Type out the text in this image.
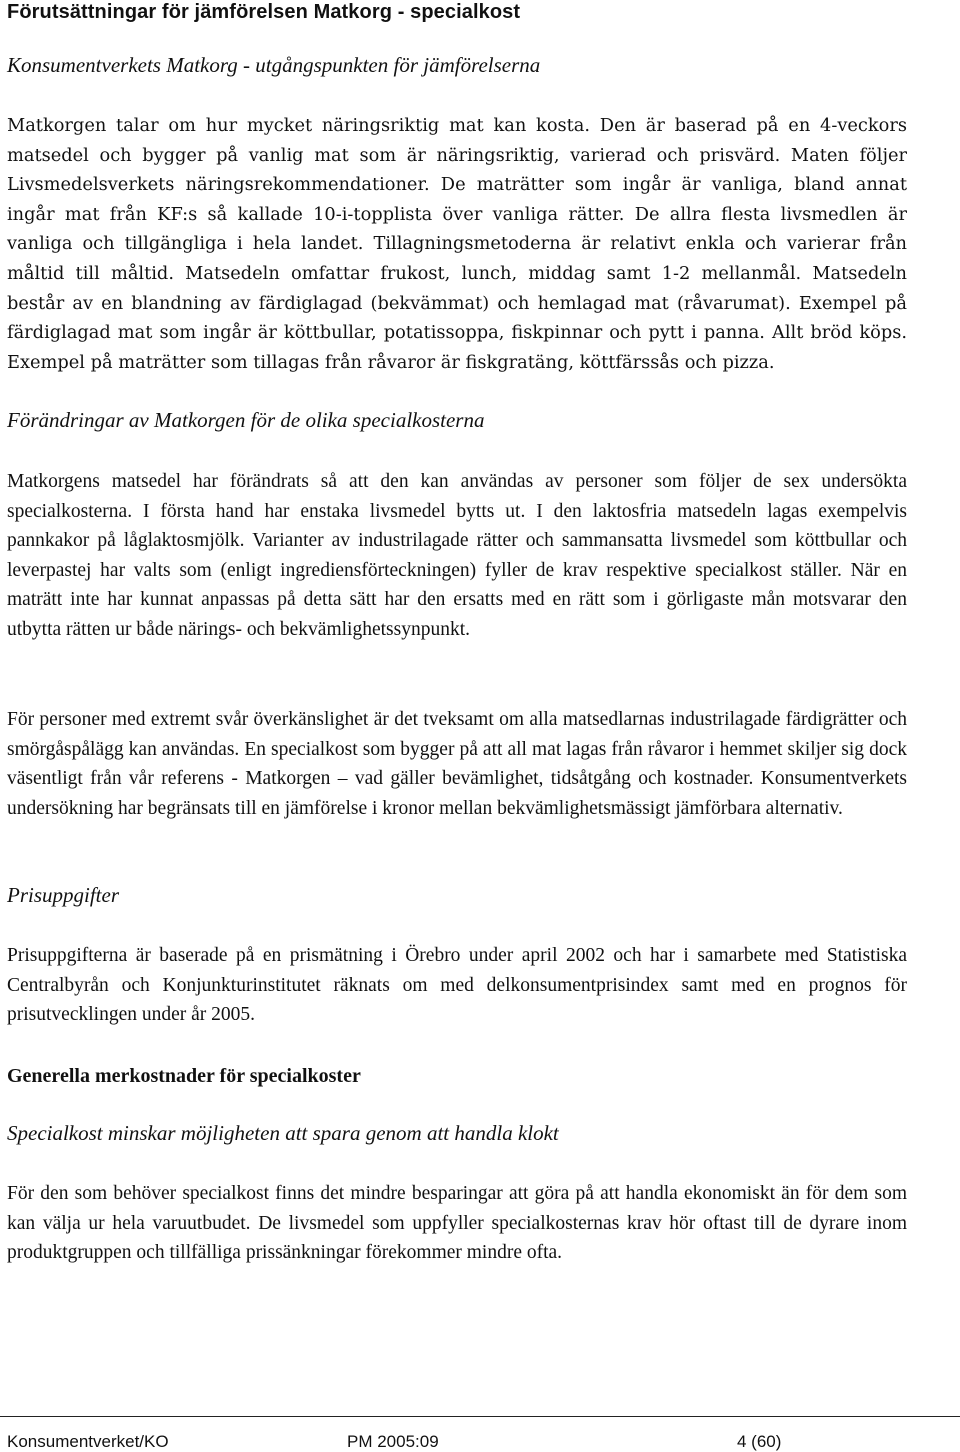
Förutsättningar för jämförelsen Matkorg - specialkost
Konsumentverkets Matkorg - utgångspunkten för jämförelserna

Matkorgen talar om hur mycket näringsriktig mat kan kosta. Den är baserad på en 4-veckors matsedel och bygger på vanlig mat som är näringsriktig, varierad och prisvärd. Maten följer Livsmedelsverkets näringsrekommendationer. De maträtter som ingår är vanliga, bland annat ingår mat från KF:s så kallade 10-i-topplista över vanliga rätter. De allra flesta livsmedlen är vanliga och tillgängliga i hela landet. Tillagningsmetoderna är relativt enkla och varierar från måltid till måltid. Matsedeln omfattar frukost, lunch, middag samt 1-2 mellanmål. Matsedeln består av en blandning av färdiglagad (bekvämmat) och hemlagad mat (råvarumat). Exempel på färdiglagad mat som ingår är köttbullar, potatissoppa, fiskpinnar och pytt i panna. Allt bröd köps. Exempel på maträtter som tillagas från råvaror är fiskgratäng, köttfärssås och pizza.

Förändringar av Matkorgen för de olika specialkosterna

Matkorgens matsedel har förändrats så att den kan användas av personer som följer de sex undersökta specialkosterna. I första hand har enstaka livsmedel bytts ut. I den laktosfria matsedeln lagas exempelvis pannkakor på låglaktosmjölk. Varianter av industrilagade rätter och sammansatta livsmedel som köttbullar och leverpastej har valts som (enligt ingrediensförteckningen) fyller de krav respektive specialkost ställer. När en maträtt inte har kunnat anpassas på detta sätt har den ersatts med en rätt som i görligaste mån motsvarar den utbytta rätten ur både närings- och bekvämlighetssynpunkt.

För personer med extremt svår överkänslighet är det tveksamt om alla matsedlarnas industrilagade färdigrätter och smörgåspålägg kan användas. En specialkost som bygger på att all mat lagas från råvaror i hemmet skiljer sig dock väsentligt från vår referens - Matkorgen – vad gäller bevämlighet, tidsåtgång och kostnader. Konsumentverkets undersökning har begränsats till en jämförelse i kronor mellan bekvämlighetsmässigt jämförbara alternativ.

Prisuppgifter

Prisuppgifterna är baserade på en prismätning i Örebro under april 2002 och har i samarbete med Statistiska Centralbyrån och Konjunkturinstitutet räknats om med delkonsumentprisindex samt med en prognos för prisutvecklingen under år 2005.

Generella merkostnader för specialkoster
Specialkost minskar möjligheten att spara genom att handla klokt

För den som behöver specialkost finns det mindre besparingar att göra på att handla ekonomiskt än för dem som kan välja ur hela varuutbudet. De livsmedel som uppfyller specialkosternas krav hör oftast till de dyrare inom produktgruppen och tillfälliga prissänkningar förekommer mindre ofta.

Konsumentverket/KO	PM 2005:09	4 (60)
